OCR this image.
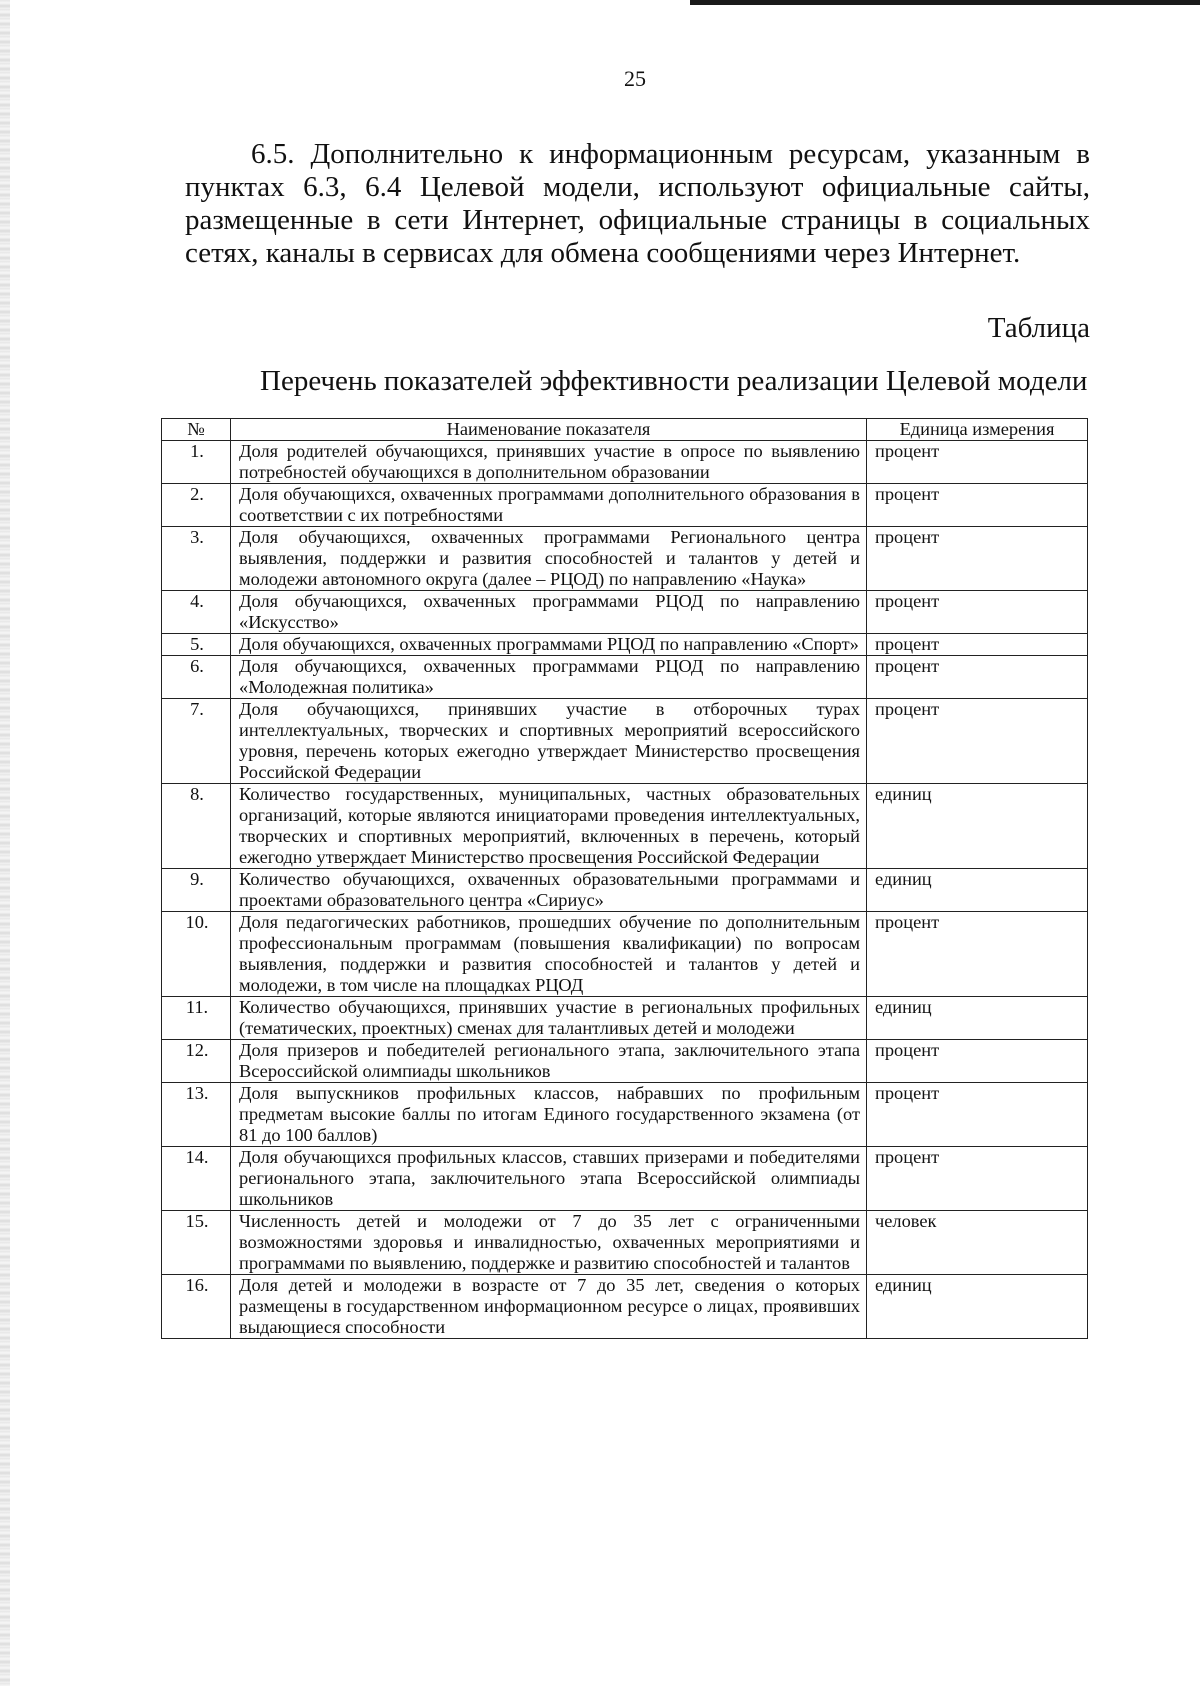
25

6.5. Дополнительно к информационным ресурсам, указанным в пунктах 6.3, 6.4 Целевой модели, используют официальные сайты, размещенные в сети Интернет, официальные страницы в социальных сетях, каналы в сервисах для обмена сообщениями через Интернет.

Таблица
Перечень показателей эффективности реализации Целевой модели
№	Наименование показателя	Единица измерения
1.	Доля родителей обучающихся, принявших участие в опросе по выявлению потребностей обучающихся в дополнительном образовании	процент
2.	Доля обучающихся, охваченных программами дополнительного образования в соответствии с их потребностями	процент
3.	Доля обучающихся, охваченных программами Регионального центра выявления, поддержки и развития способностей и талантов у детей и молодежи автономного округа (далее – РЦОД) по направлению «Наука»	процент
4.	Доля обучающихся, охваченных программами РЦОД по направлению «Искусство»	процент
5.	Доля обучающихся, охваченных программами РЦОД по направлению «Спорт»	процент
6.	Доля обучающихся, охваченных программами РЦОД по направлению «Молодежная политика»	процент
7.	Доля обучающихся, принявших участие в отборочных турах интеллектуальных, творческих и спортивных мероприятий всероссийского уровня, перечень которых ежегодно утверждает Министерство просвещения Российской Федерации	процент
8.	Количество государственных, муниципальных, частных образовательных организаций, которые являются инициаторами проведения интеллектуальных, творческих и спортивных мероприятий, включенных в перечень, который ежегодно утверждает Министерство просвещения Российской Федерации	единиц
9.	Количество обучающихся, охваченных образовательными программами и проектами образовательного центра «Сириус»	единиц
10.	Доля педагогических работников, прошедших обучение по дополнительным профессиональным программам (повышения квалификации) по вопросам выявления, поддержки и развития способностей и талантов у детей и молодежи, в том числе на площадках РЦОД	процент
11.	Количество обучающихся, принявших участие в региональных профильных (тематических, проектных) сменах для талантливых детей и молодежи	единиц
12.	Доля призеров и победителей регионального этапа, заключительного этапа Всероссийской олимпиады школьников	процент
13.	Доля выпускников профильных классов, набравших по профильным предметам высокие баллы по итогам Единого государственного экзамена (от 81 до 100 баллов)	процент
14.	Доля обучающихся профильных классов, ставших призерами и победителями регионального этапа, заключительного этапа Всероссийской олимпиады школьников	процент
15.	Численность детей и молодежи от 7 до 35 лет с ограниченными возможностями здоровья и инвалидностью, охваченных мероприятиями и программами по выявлению, поддержке и развитию способностей и талантов	человек
16.	Доля детей и молодежи в возрасте от 7 до 35 лет, сведения о которых размещены в государственном информационном ресурсе о лицах, проявивших выдающиеся способности	единиц
